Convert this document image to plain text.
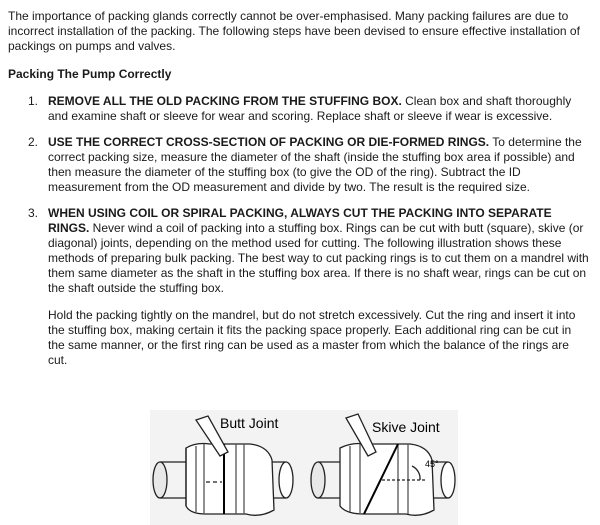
The importance of packing glands correctly cannot be over-emphasised. Many packing failures are due to incorrect installation of the packing. The following steps have been devised to ensure effective installation of packings on pumps and valves.

Packing The Pump Correctly
1. REMOVE ALL THE OLD PACKING FROM THE STUFFING BOX. Clean box and shaft thoroughly and examine shaft or sleeve for wear and scoring. Replace shaft or sleeve if wear is excessive.
2. USE THE CORRECT CROSS-SECTION OF PACKING OR DIE-FORMED RINGS. To determine the correct packing size, measure the diameter of the shaft (inside the stuffing box area if possible) and then measure the diameter of the stuffing box (to give the OD of the ring). Subtract the ID measurement from the OD measurement and divide by two. The result is the required size.
3. WHEN USING COIL OR SPIRAL PACKING, ALWAYS CUT THE PACKING INTO SEPARATE RINGS. Never wind a coil of packing into a stuffing box. Rings can be cut with butt (square), skive (or diagonal) joints, depending on the method used for cutting. The following illustration shows these methods of preparing bulk packing. The best way to cut packing rings is to cut them on a mandrel with them same diameter as the shaft in the stuffing box area. If there is no shaft wear, rings can be cut on the shaft outside the stuffing box.
Hold the packing tightly on the mandrel, but do not stretch excessively. Cut the ring and insert it into the stuffing box, making certain it fits the packing space properly. Each additional ring can be cut in the same manner, or the first ring can be used as a master from which the balance of the rings are cut.
Butt Joint	Skive Joint
45°
